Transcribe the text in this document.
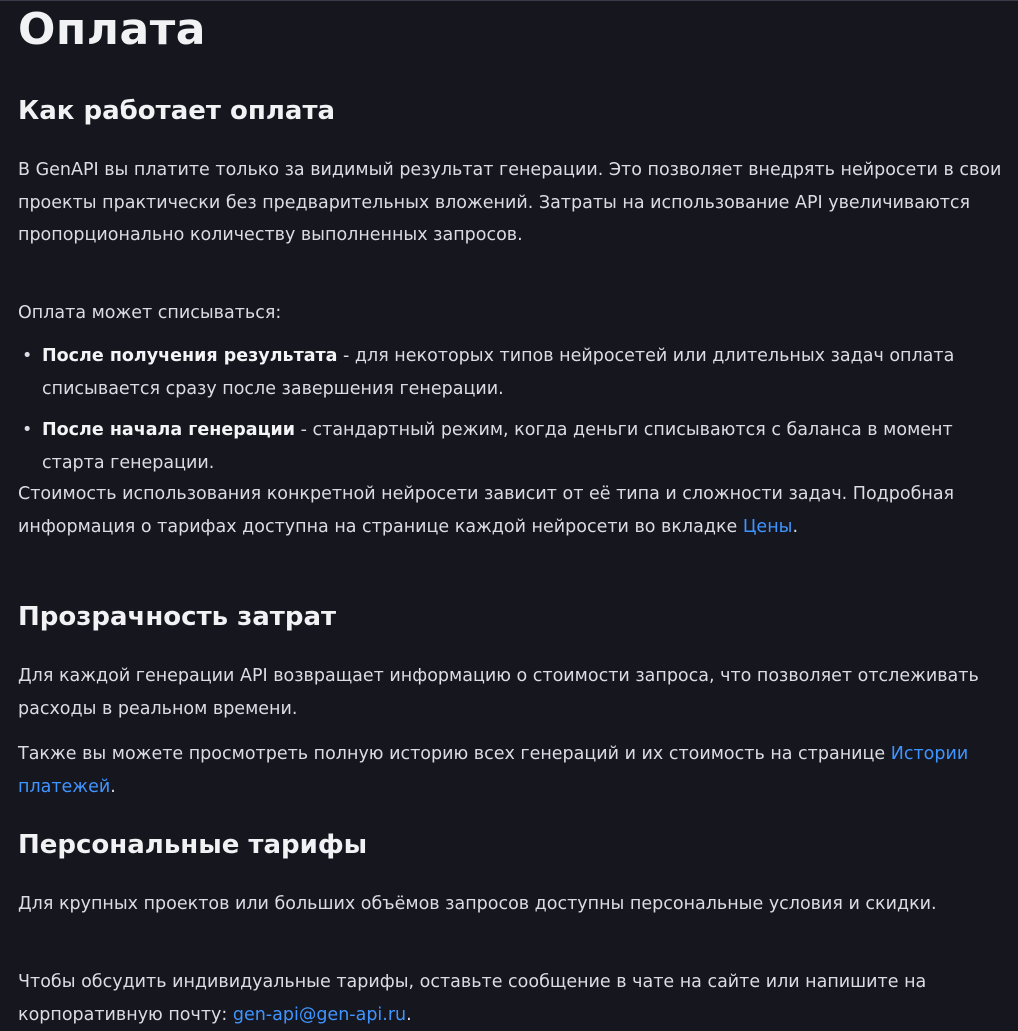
Оплата
Как работает оплата

В GenAPI вы платите только за видимый результат генерации. Это позволяет внедрять нейросети в свои проекты практически без предварительных вложений. Затраты на использование API увеличиваются пропорционально количеству выполненных запросов.

Оплата может списываться:

• После получения результата - для некоторых типов нейросетей или длительных задач оплата списывается сразу после завершения генерации.
• После начала генерации - стандартный режим, когда деньги списываются с баланса в момент старта генерации.

Стоимость использования конкретной нейросети зависит от её типа и сложности задач. Подробная информация о тарифах доступна на странице каждой нейросети во вкладке Цены.

Прозрачность затрат

Для каждой генерации API возвращает информацию о стоимости запроса, что позволяет отслеживать расходы в реальном времени.

Также вы можете просмотреть полную историю всех генераций и их стоимость на странице Истории платежей.

Персональные тарифы

Для крупных проектов или больших объёмов запросов доступны персональные условия и скидки.

Чтобы обсудить индивидуальные тарифы, оставьте сообщение в чате на сайте или напишите на корпоративную почту: gen-api@gen-api.ru.
